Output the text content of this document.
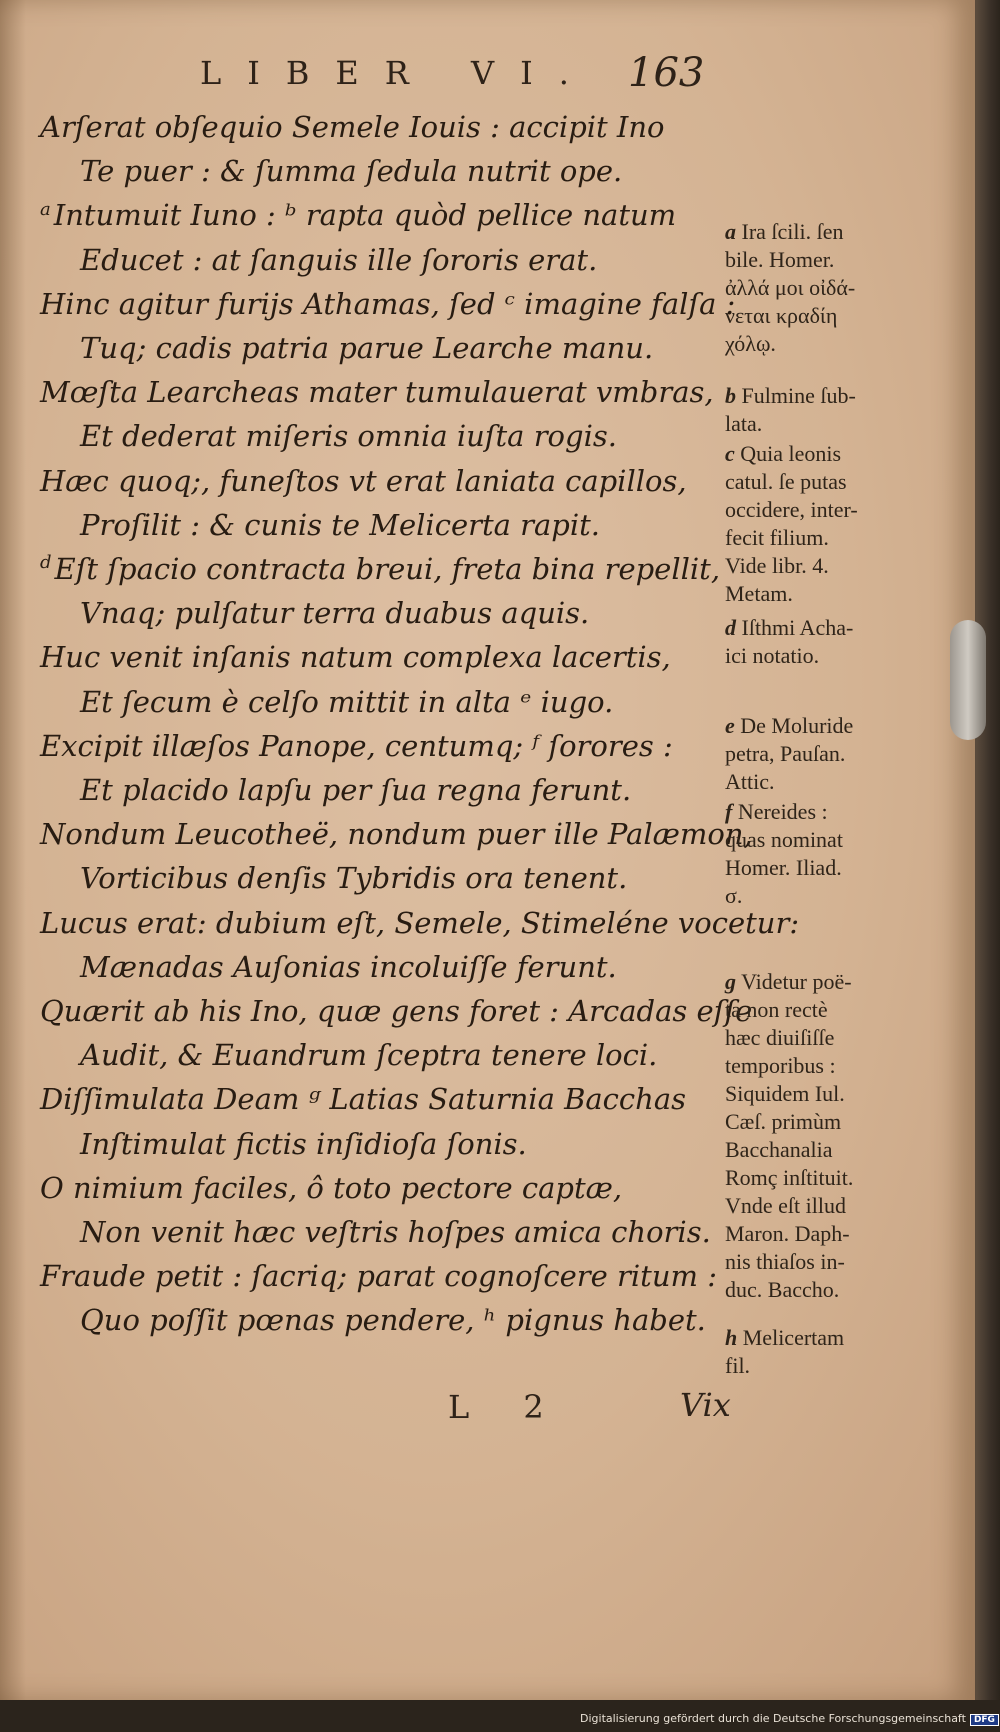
LIBER VI. 163
Arſerat obſequio Semele Iouis : accipit Ino
Te puer : & ſumma ſedula nutrit ope.
$^a$ Intumuit Iuno : ᵇ rapta quòd pellice natum
Educet : at ſanguis ille ſororis erat.
Hinc agitur furijs Athamas, ſed ᶜ imagine falſa :
Tuq; cadis patria parue Learche manu.
Mœſta Learcheas mater tumulauerat vmbras,
Et dederat miſeris omnia iuſta rogis.
Hæc quoq;, funeſtos vt erat laniata capillos,
Proſilit : & cunis te Melicerta rapit.
$^d$ Eſt ſpacio contracta breui, freta bina repellit,
Vnaq; pulſatur terra duabus aquis.
Huc venit inſanis natum complexa lacertis,
Et ſecum è celſo mittit in alta ᵉ iugo.
Excipit illæſos Panope, centumq; ᶠ ſorores :
Et placido lapſu per ſua regna ferunt.
Nondum Leucotheë, nondum puer ille Palæmon,
Vorticibus denſis Tybridis ora tenent.
Lucus erat: dubium eſt, Semele, Stimeléne vocetur:
Mænadas Auſonias incoluiſſe ferunt.
Quærit ab his Ino, quæ gens foret : Arcadas eſſe
Audit, & Euandrum ſceptra tenere loci.
Diſſimulata Deam ᵍ Latias Saturnia Bacchas
Inſtimulat fictis inſidioſa ſonis.
O nimium faciles, ô toto pectore captæ,
Non venit hæc veſtris hoſpes amica choris.
Fraude petit : ſacriq; parat cognoſcere ritum :
Quo poſſit pœnas pendere, ʰ pignus habet.
a Ira ſcili. ſen
bile. Homer.
ἀλλά μοι οἰδά-
νεται κραδίη
χόλῳ.
b Fulmine ſub-
lata.
c Quia leonis
catul. ſe putas
occidere, inter-
fecit filium.
Vide libr. 4.
Metam.
d Iſthmi Acha-
ici notatio.
e De Moluride
petra, Pauſan.
Attic.
f Nereides :
quas nominat
Homer. Iliad.
σ.
g Videtur poë-
ta non rectè
hæc diuiſiſſe
temporibus :
Siquidem Iul.
Cæſ. primùm
Bacchanalia
Romç inſtituit.
Vnde eſt illud
Maron. Daph-
nis thiaſos in-
duc. Baccho.
h Melicertam
fil.
L 2	Vix
Digitalisierung gefördert durch die Deutsche Forschungsgemeinschaft DFG
